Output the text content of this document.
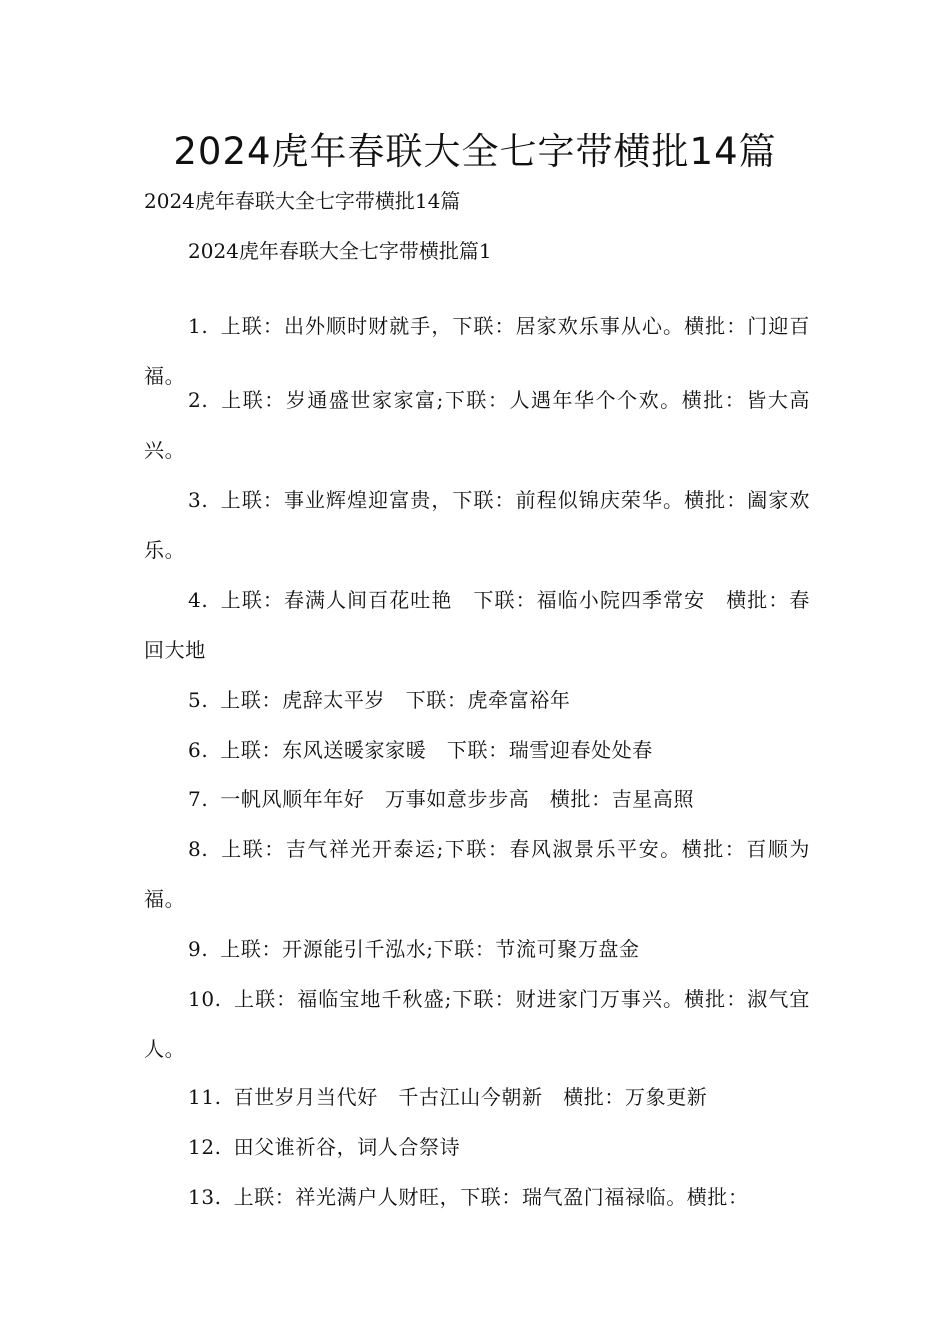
2024虎年春联大全七字带横批14篇
2024虎年春联大全七字带横批14篇
2024虎年春联大全七字带横批篇1
1. 上联：出外顺时财就手，下联：居家欢乐事从心。横批：门迎百福。
2. 上联：岁通盛世家家富;下联：人遇年华个个欢。横批：皆大高兴。
3. 上联：事业辉煌迎富贵，下联：前程似锦庆荣华。横批：阖家欢乐。
4. 上联：春满人间百花吐艳　下联：福临小院四季常安　横批：春回大地
5. 上联：虎辞太平岁　下联：虎牵富裕年
6. 上联：东风送暖家家暖　下联：瑞雪迎春处处春
7. 一帆风顺年年好　万事如意步步高　横批：吉星高照
8. 上联：吉气祥光开泰运;下联：春风淑景乐平安。横批：百顺为福。
9. 上联：开源能引千泓水;下联：节流可聚万盘金
10. 上联：福临宝地千秋盛;下联：财进家门万事兴。横批：淑气宜人。
11. 百世岁月当代好　千古江山今朝新　横批：万象更新
12. 田父谁祈谷，词人合祭诗
13. 上联：祥光满户人财旺，下联：瑞气盈门福禄临。横批：
